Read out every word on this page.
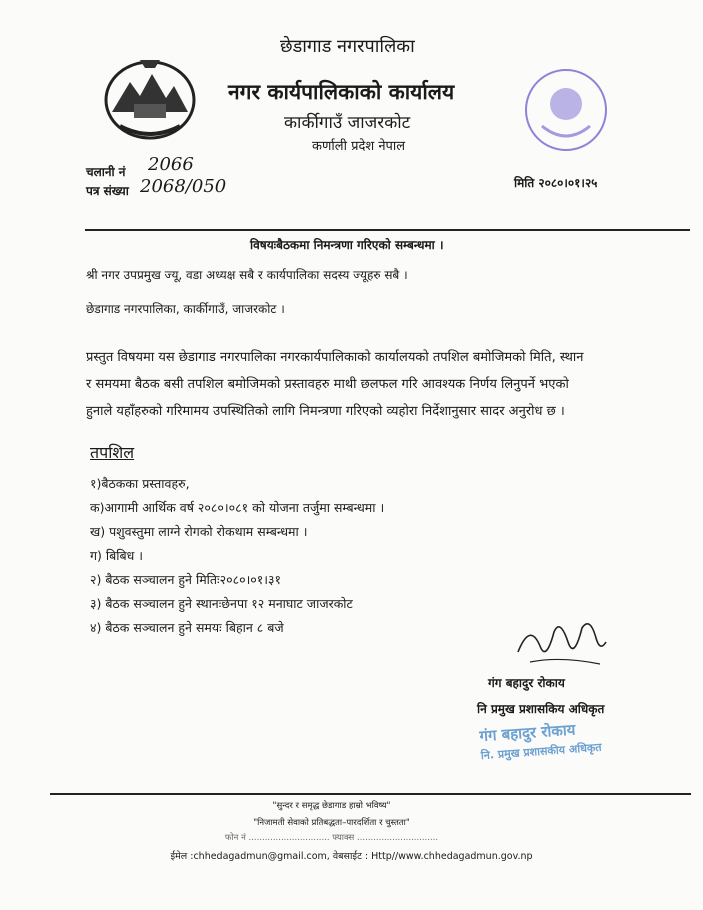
छेडागाड नगरपालिका
नगर कार्यपालिकाको कार्यालय
कार्कीगाउँ जाजरकोट
कर्णाली प्रदेश नेपाल
चलानी नं 2066
पत्र संख्या 2068/050	मिति २०८०।०१।२५
विषयःबैठकमा निमन्त्रणा गरिएको सम्बन्धमा ।
श्री नगर उपप्रमुख ज्यू, वडा अध्यक्ष सबै र कार्यपालिका सदस्य ज्यूहरु सबै ।
छेडागाड नगरपालिका, कार्कीगाउँ, जाजरकोट ।
प्रस्तुत विषयमा यस छेडागाड नगरपालिका नगरकार्यपालिकाको कार्यालयको तपशिल बमोजिमको मिति, स्थान
र समयमा बैठक बसी तपशिल बमोजिमको प्रस्तावहरु माथी छलफल गरि आवश्यक निर्णय लिनुपर्ने भएको
हुनाले यहाँहरुको गरिमामय उपस्थितिको लागि निमन्त्रणा गरिएको व्यहोरा निर्देशानुसार सादर अनुरोध छ ।
तपशिल
१)बैठकका प्रस्तावहरु,
क)आगामी आर्थिक वर्ष २०८०।०८१ को योजना तर्जुमा सम्बन्धमा ।
ख) पशुवस्तुमा लाग्ने रोगको रोकथाम सम्बन्धमा ।
ग) बिबिध ।
२) बैठक सञ्चालन हुने मितिः२०८०।०१।३१
३) बैठक सञ्चालन हुने स्थानःछेनपा १२ मनाघाट जाजरकोट
४) बैठक सञ्चालन हुने समयः बिहान ८ बजे
गंग बहादुर रोकाय
नि प्रमुख प्रशासकिय अधिकृत
गंग बहादुर रोकाय
नि. प्रमुख प्रशासकीय अधिकृत
"सुन्दर र समृद्ध छेडागाड हाम्रो भविष्य"
"निजामती सेवाको प्रतिबद्धता–पारदर्शिता र चुस्तता"
फोन नं .............................. फ्याक्स ..............................
ईमेल :chhedagadmun@gmail.com, वेबसाईट : Http//www.chhedagadmun.gov.np
